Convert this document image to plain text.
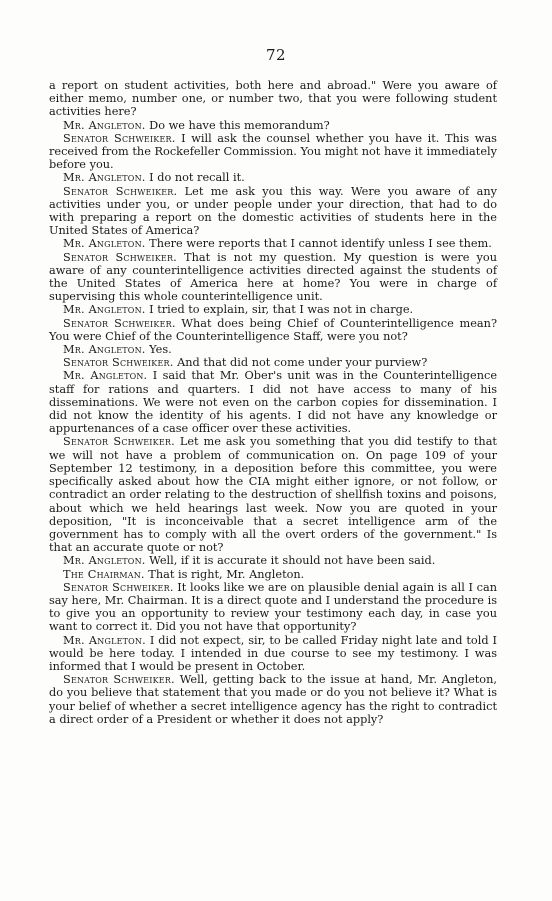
72

a report on student activities, both here and abroad." Were you aware of either memo, number one, or number two, that you were following student activities here?

Mr. Angleton. Do we have this memorandum?

Senator Schweiker. I will ask the counsel whether you have it. This was received from the Rockefeller Commission. You might not have it immediately before you.

Mr. Angleton. I do not recall it.

Senator Schweiker. Let me ask you this way. Were you aware of any activities under you, or under people under your direction, that had to do with preparing a report on the domestic activities of students here in the United States of America?

Mr. Angleton. There were reports that I cannot identify unless I see them.

Senator Schweiker. That is not my question. My question is were you aware of any counterintelligence activities directed against the students of the United States of America here at home? You were in charge of supervising this whole counterintelligence unit.

Mr. Angleton. I tried to explain, sir, that I was not in charge.

Senator Schweiker. What does being Chief of Counterintelligence mean? You were Chief of the Counterintelligence Staff, were you not?

Mr. Angleton. Yes.

Senator Schweiker. And that did not come under your purview?

Mr. Angleton. I said that Mr. Ober's unit was in the Counterintelligence staff for rations and quarters. I did not have access to many of his disseminations. We were not even on the carbon copies for dissemination. I did not know the identity of his agents. I did not have any knowledge or appurtenances of a case officer over these activities.

Senator Schweiker. Let me ask you something that you did testify to that we will not have a problem of communication on. On page 109 of your September 12 testimony, in a deposition before this committee, you were specifically asked about how the CIA might either ignore, or not follow, or contradict an order relating to the destruction of shellfish toxins and poisons, about which we held hearings last week. Now you are quoted in your deposition, "It is inconceivable that a secret intelligence arm of the government has to comply with all the overt orders of the government." Is that an accurate quote or not?

Mr. Angleton. Well, if it is accurate it should not have been said.

The Chairman. That is right, Mr. Angleton.

Senator Schweiker. It looks like we are on plausible denial again is all I can say here, Mr. Chairman. It is a direct quote and I understand the procedure is to give you an opportunity to review your testimony each day, in case you want to correct it. Did you not have that opportunity?

Mr. Angleton. I did not expect, sir, to be called Friday night late and told I would be here today. I intended in due course to see my testimony. I was informed that I would be present in October.

Senator Schweiker. Well, getting back to the issue at hand, Mr. Angleton, do you believe that statement that you made or do you not believe it? What is your belief of whether a secret intelligence agency has the right to contradict a direct order of a President or whether it does not apply?
